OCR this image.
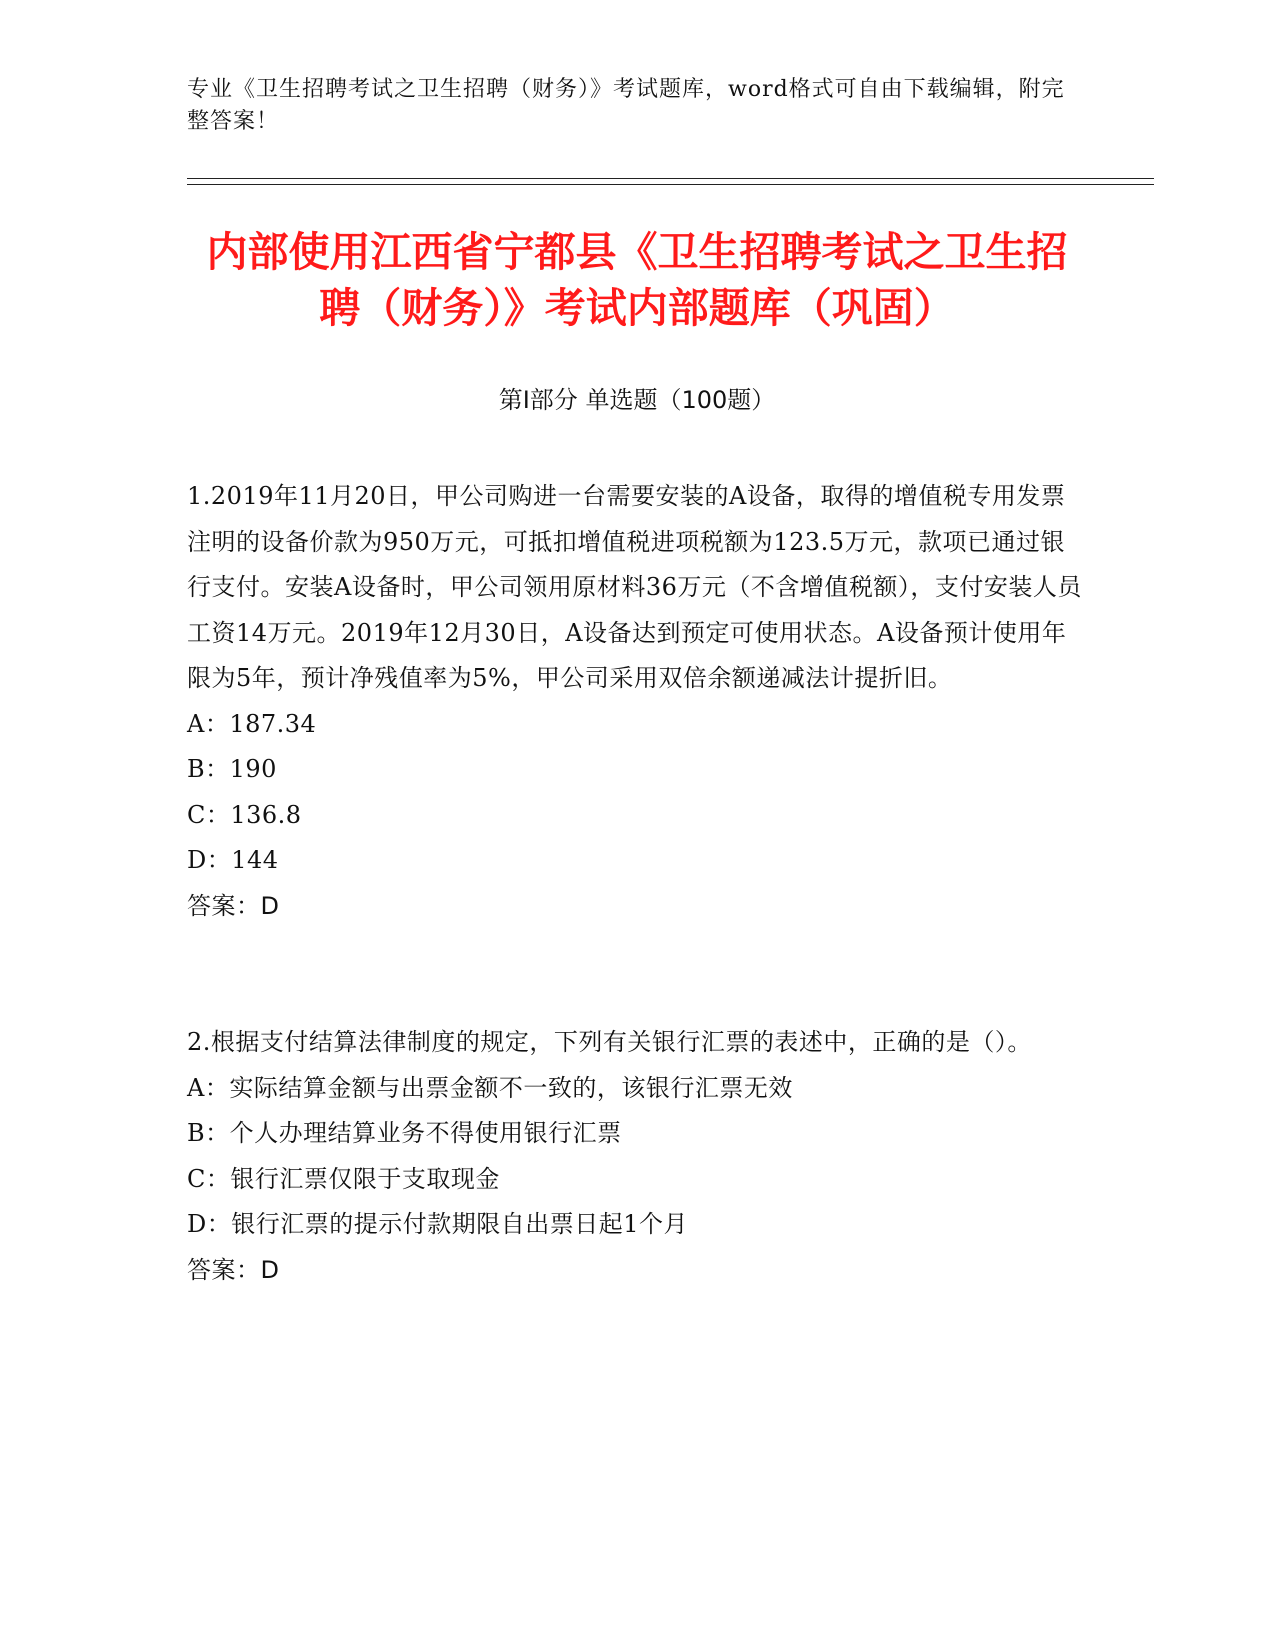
专业《卫生招聘考试之卫生招聘（财务）》考试题库，word格式可自由下载编辑，附完整答案！
内部使用江西省宁都县《卫生招聘考试之卫生招聘（财务）》考试内部题库（巩固）
第I部分 单选题（100题）

1.2019年11月20日，甲公司购进一台需要安装的A设备，取得的增值税专用发票注明的设备价款为950万元，可抵扣增值税进项税额为123.5万元，款项已通过银行支付。安装A设备时，甲公司领用原材料36万元（不含增值税额），支付安装人员工资14万元。2019年12月30日，A设备达到预定可使用状态。A设备预计使用年限为5年，预计净残值率为5%，甲公司采用双倍余额递减法计提折旧。

A：187.34

B：190

C：136.8

D：144

答案：D

2.根据支付结算法律制度的规定，下列有关银行汇票的表述中，正确的是（）。

A：实际结算金额与出票金额不一致的，该银行汇票无效

B：个人办理结算业务不得使用银行汇票

C：银行汇票仅限于支取现金

D：银行汇票的提示付款期限自出票日起1个月

答案：D
